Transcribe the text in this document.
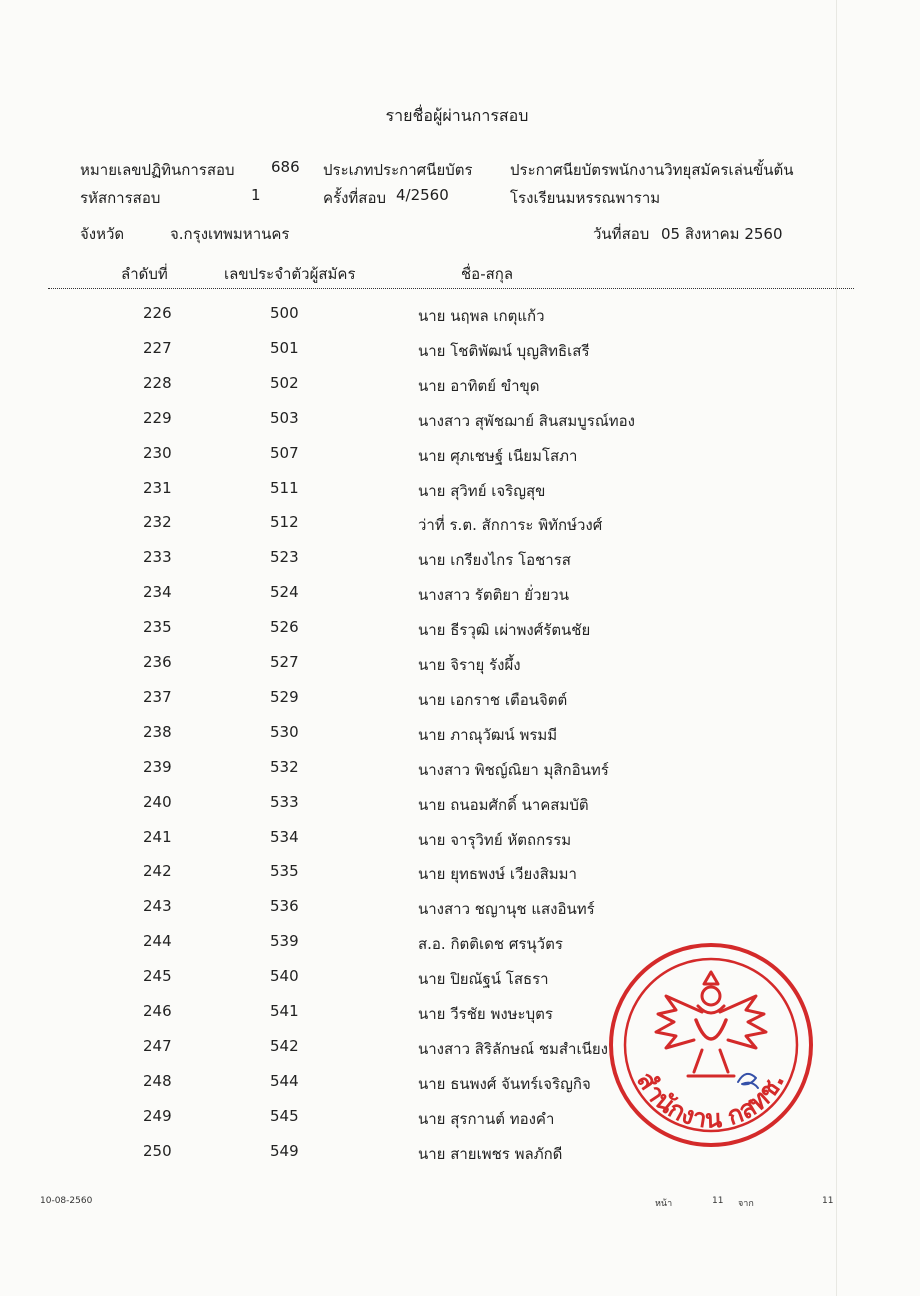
รายชื่อผู้ผ่านการสอบ
หมายเลขปฏิทินการสอบ 686 ประเภทประกาศนียบัตร ประกาศนียบัตรพนักงานวิทยุสมัครเล่นขั้นต้น
รหัสการสอบ	1	ครั้งที่สอบ 4/2560	โรงเรียนมหรรณพาราม
จังหวัด	จ.กรุงเทพมหานคร	วันที่สอบ 05 สิงหาคม 2560
ลำดับที่	เลขประจำตัวผู้สมัคร	ชื่อ-สกุล
226	500	นาย นฤพล เกตุแก้ว
227	501	นาย โชติพัฒน์ บุญสิทธิเสรี
228	502	นาย อาทิตย์ ขำขุด
229	503	นางสาว สุพัชฌาย์ สินสมบูรณ์ทอง
230	507	นาย ศุภเชษฐ์ เนียมโสภา
231	511	นาย สุวิทย์ เจริญสุข
232	512	ว่าที่ ร.ต. สักการะ พิทักษ์วงศ์
233	523	นาย เกรียงไกร โอชารส
234	524	นางสาว รัตติยา ยั่วยวน
235	526	นาย ธีรวุฒิ เผ่าพงศ์รัตนชัย
236	527	นาย จิรายุ รังผึ้ง
237	529	นาย เอกราช เตือนจิตต์
238	530	นาย ภาณุวัฒน์ พรมมี
239	532	นางสาว พิชญ์ณิยา มุสิกอินทร์
240	533	นาย ถนอมศักดิ์ นาคสมบัติ
241	534	นาย จารุวิทย์ หัตถกรรม
242	535	นาย ยุทธพงษ์ เวียงสิมมา
243	536	นางสาว ชญานุช แสงอินทร์
244	539	ส.อ. กิตติเดช ศรนุวัตร
245	540	นาย ปิยณัฐน์ โสธรา
246	541	นาย วีรชัย พงษะบุตร
247	542	นางสาว สิริลักษณ์ ชมสำเนียง
248	544	นาย ธนพงศ์ จันทร์เจริญกิจ
249	545	นาย สุรกานต์ ทองคำ
250	549	นาย สายเพชร พลภักดี
สำนักงาน กสทช.
10-08-2560	หน้า	11 จาก	11
